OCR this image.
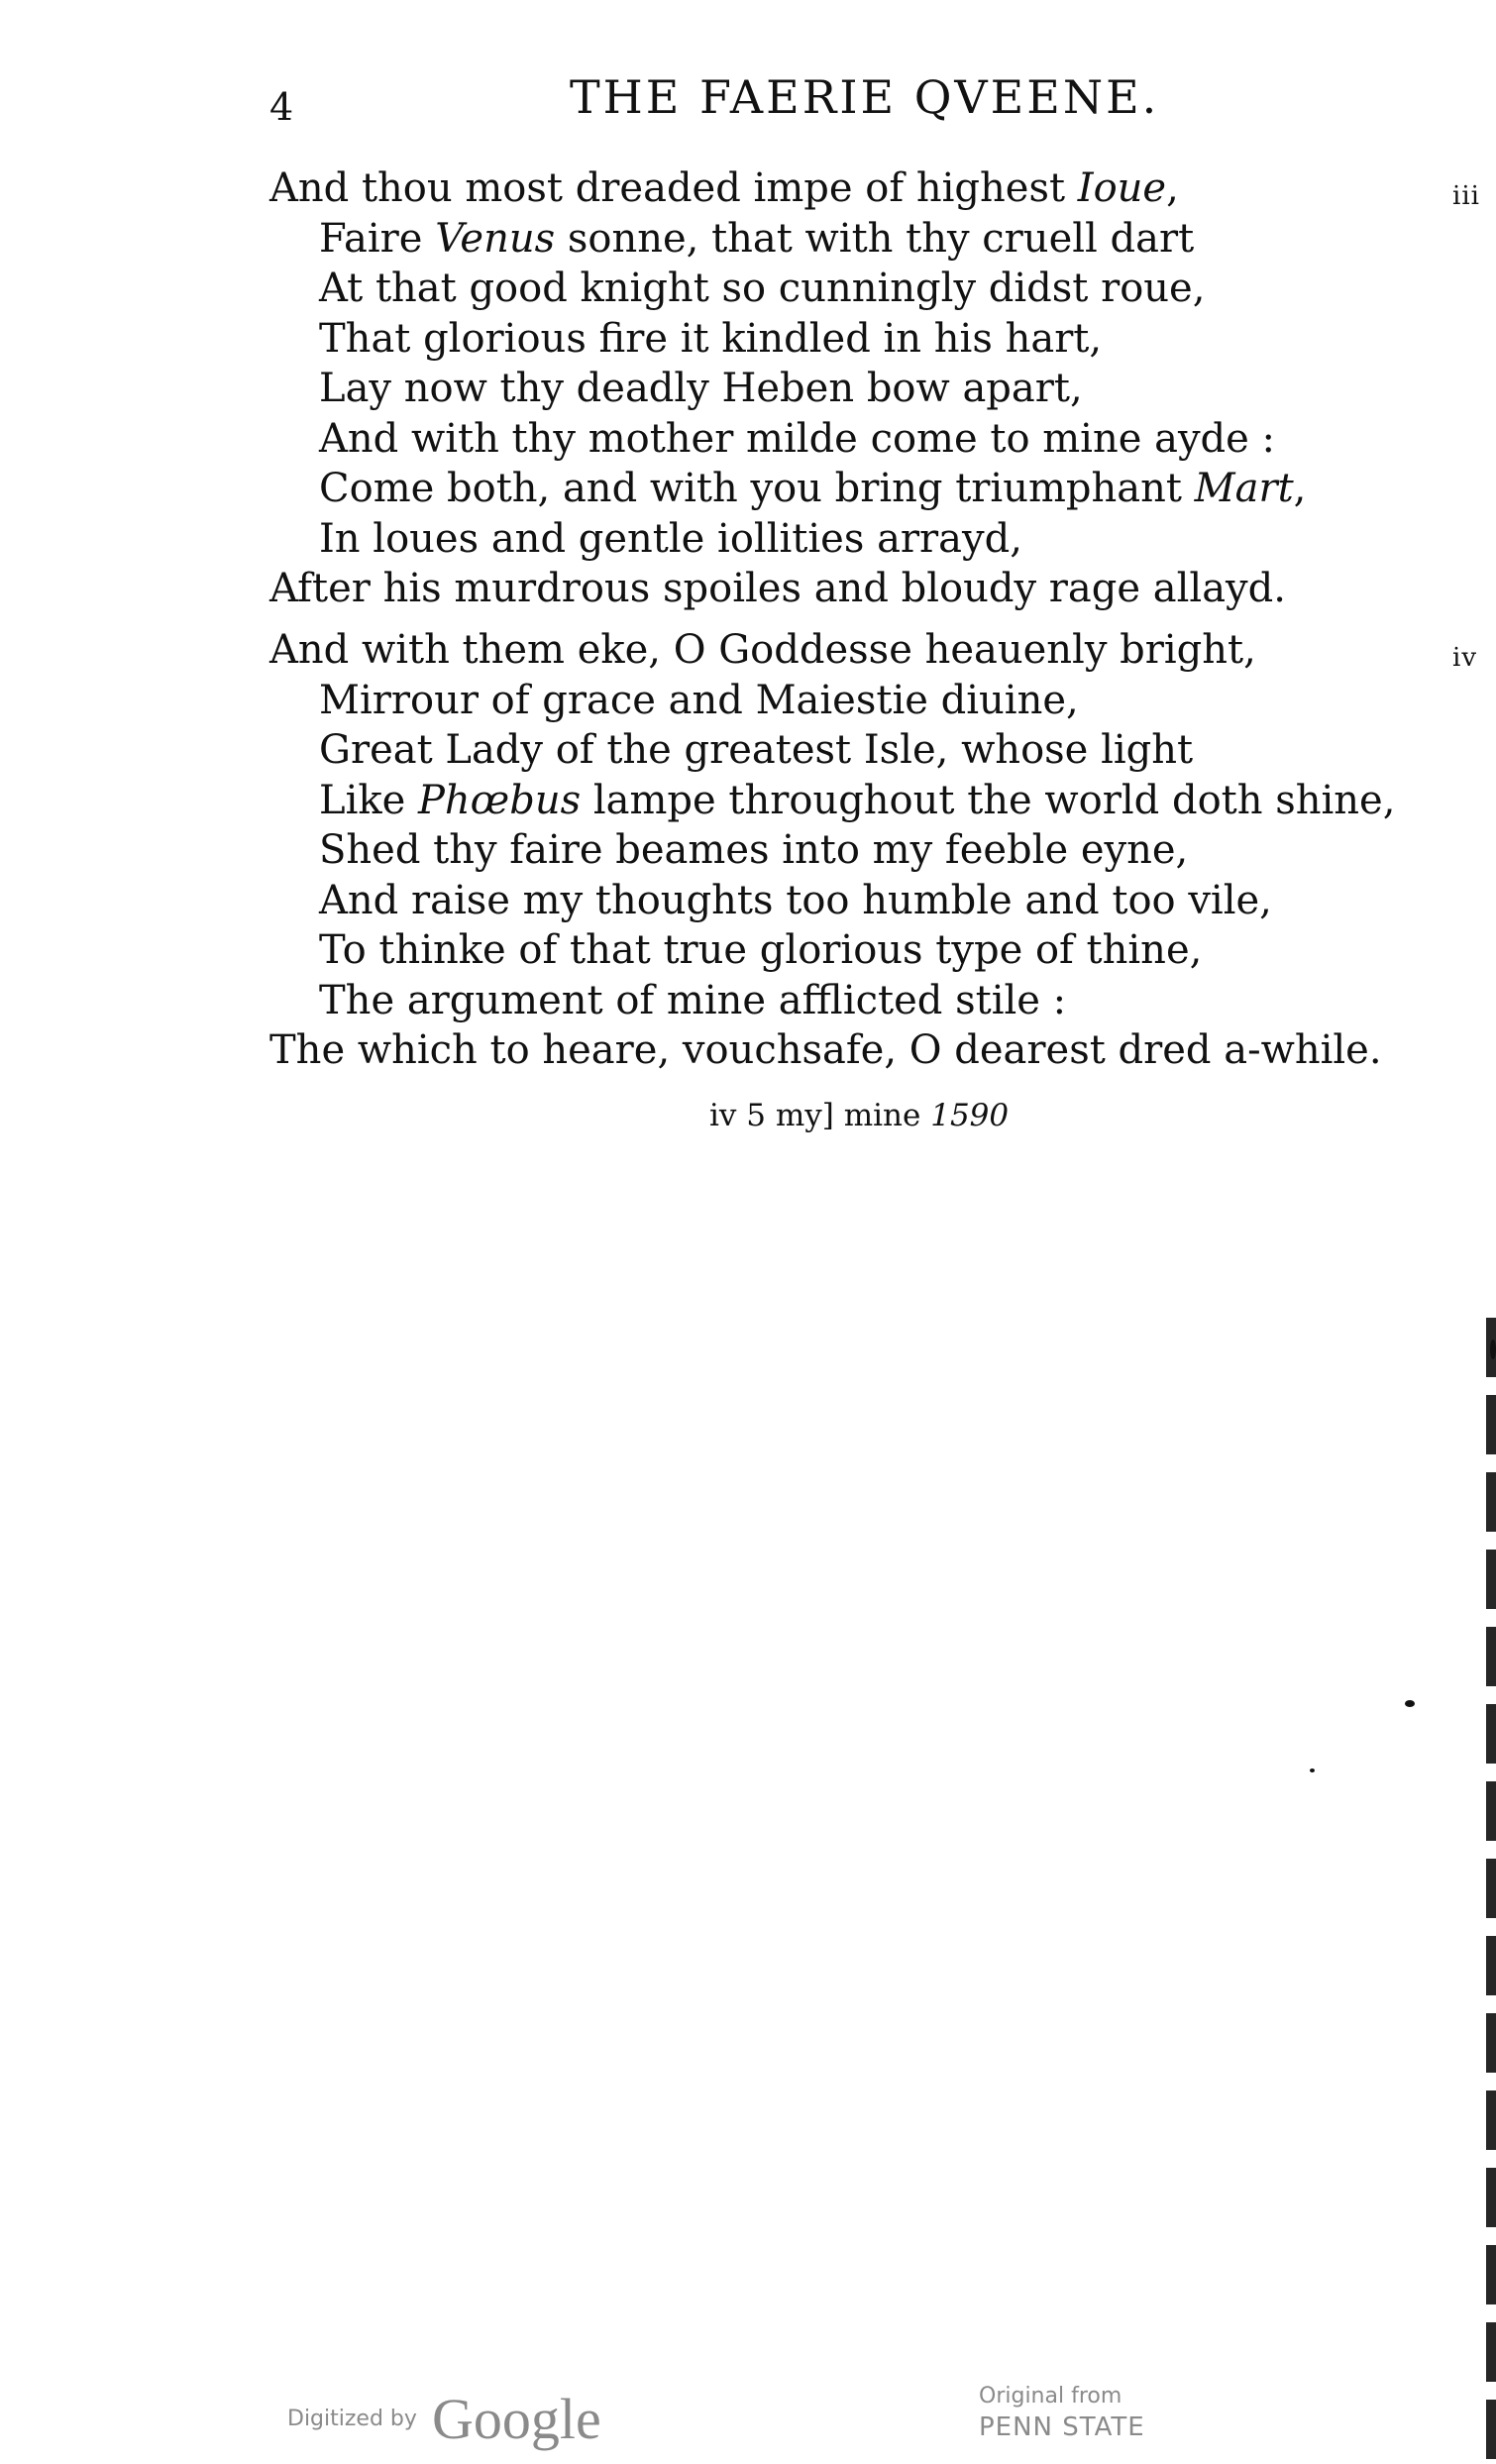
4	THE FAERIE QVEENE.
iii
And thou most dreaded impe of highest Ioue,
Faire Venus sonne, that with thy cruell dart
At that good knight so cunningly didst roue,
That glorious fire it kindled in his hart,
Lay now thy deadly Heben bow apart,
And with thy mother milde come to mine ayde :
Come both, and with you bring triumphant Mart,
In loues and gentle iollities arrayd,
After his murdrous spoiles and bloudy rage allayd.
iv
And with them eke, O Goddesse heauenly bright,
Mirrour of grace and Maiestie diuine,
Great Lady of the greatest Isle, whose light
Like Phœbus lampe throughout the world doth shine,
Shed thy faire beames into my feeble eyne,
And raise my thoughts too humble and too vile,
To thinke of that true glorious type of thine,
The argument of mine afflicted stile :
The which to heare, vouchsafe, O dearest dred a-while.
iv 5 my] mine 1590
Digitized by Google	Original from
PENN STATE
